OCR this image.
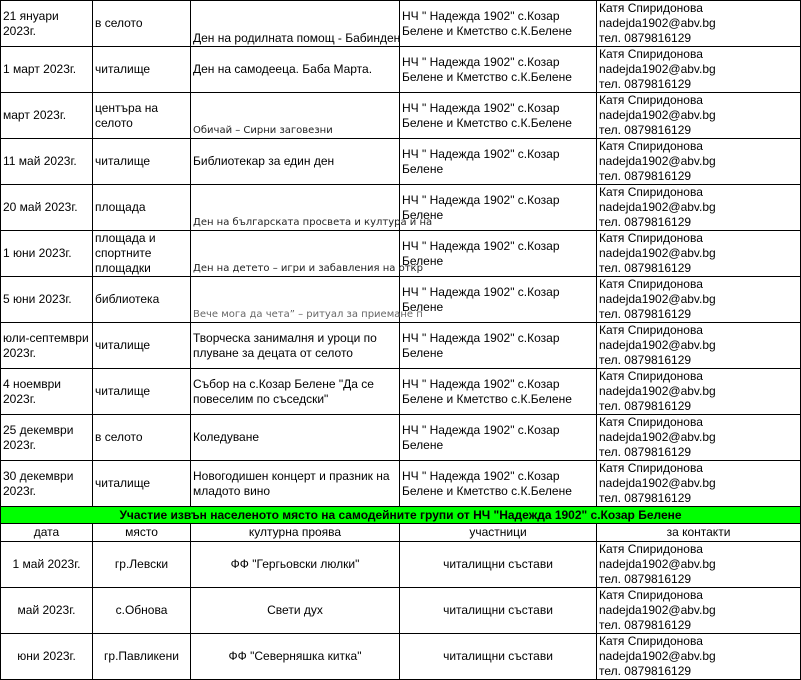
21 януари 2023г.	в селото	Ден на родилната помощ - Бабинден	НЧ " Надежда 1902" с.Козар Белене и Кметство с.К.Белене	Катя Спиридонова
nadejda1902@abv.bg
тел. 0879816129

1 март 2023г.	читалище	Ден на самодееца. Баба Марта.	НЧ " Надежда 1902" с.Козар Белене и Кметство с.К.Белене	Катя Спиридонова
nadejda1902@abv.bg
тел. 0879816129

март 2023г.	центъра на селото	Обичай – Сирни заговезни	НЧ " Надежда 1902" с.Козар Белене и Кметство с.К.Белене	Катя Спиридонова
nadejda1902@abv.bg
тел. 0879816129

11 май 2023г.	читалище	Библиотекар за един ден	НЧ " Надежда 1902" с.Козар Белене	Катя Спиридонова
nadejda1902@abv.bg
тел. 0879816129

20 май 2023г.	площада	Ден на българската просвета и култура и на	НЧ " Надежда 1902" с.Козар Белене	Катя Спиридонова
nadejda1902@abv.bg
тел. 0879816129

1 юни 2023г.	площада и спортните площадки	Ден на детето – игри и забавления на откр	НЧ " Надежда 1902" с.Козар Белене	Катя Спиридонова
nadejda1902@abv.bg
тел. 0879816129

5 юни 2023г.	библиотека	Вече мога да чета” – ритуал за приемане п	НЧ " Надежда 1902" с.Козар Белене	Катя Спиридонова
nadejda1902@abv.bg
тел. 0879816129

юли-септември 2023г.	читалище	Творческа занималня и уроци по плуване за децата от селото	НЧ " Надежда 1902" с.Козар Белене	Катя Спиридонова
nadejda1902@abv.bg
тел. 0879816129

4 ноември 2023г.	читалище	Събор на с.Козар Белене "Да се повеселим по съседски"	НЧ " Надежда 1902" с.Козар Белене и Кметство с.К.Белене	Катя Спиридонова
nadejda1902@abv.bg
тел. 0879816129

25 декември 2023г.	в селото	Коледуване	НЧ " Надежда 1902" с.Козар Белене	Катя Спиридонова
nadejda1902@abv.bg
тел. 0879816129

30 декември 2023г.	читалище	Новогодишен концерт и празник на младото вино	НЧ " Надежда 1902" с.Козар Белене и Кметство с.К.Белене	Катя Спиридонова
nadejda1902@abv.bg
тел. 0879816129

Участие извън населеното място на самодейните групи от НЧ "Надежда 1902" с.Козар Белене				
дата	място	културна проява	участници	за контакти
1 май 2023г.	гр.Левски	ФФ "Гергьовски люлки"	читалищни състави	Катя Спиридонова
nadejda1902@abv.bg
тел. 0879816129

май 2023г.	с.Обнова	Свети дух	читалищни състави	Катя Спиридонова
nadejda1902@abv.bg
тел. 0879816129

юни 2023г.	гр.Павликени	ФФ "Северняшка китка"	читалищни състави	Катя Спиридонова
nadejda1902@abv.bg
тел. 0879816129
